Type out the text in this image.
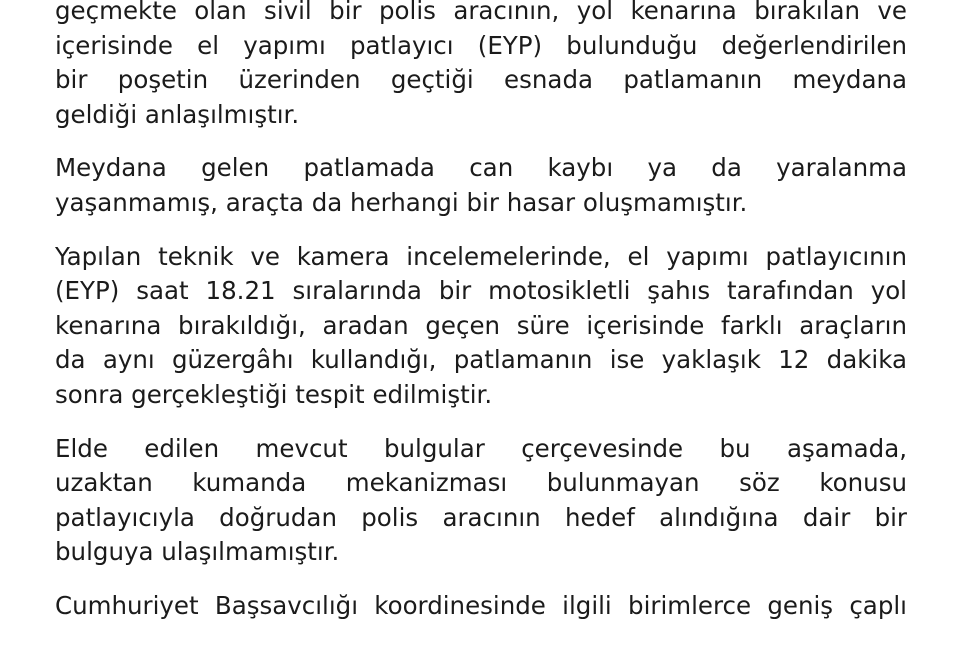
geçmekte olan sivil bir polis aracının, yol kenarına bırakılan ve
içerisinde el yapımı patlayıcı (EYP) bulunduğu değerlendirilen
bir poşetin üzerinden geçtiği esnada patlamanın meydana
geldiği anlaşılmıştır.

Meydana gelen patlamada can kaybı ya da yaralanma
yaşanmamış, araçta da herhangi bir hasar oluşmamıştır.

Yapılan teknik ve kamera incelemelerinde, el yapımı patlayıcının
(EYP) saat 18.21 sıralarında bir motosikletli şahıs tarafından yol
kenarına bırakıldığı, aradan geçen süre içerisinde farklı araçların
da aynı güzergâhı kullandığı, patlamanın ise yaklaşık 12 dakika
sonra gerçekleştiği tespit edilmiştir.

Elde edilen mevcut bulgular çerçevesinde bu aşamada,
uzaktan kumanda mekanizması bulunmayan söz konusu
patlayıcıyla doğrudan polis aracının hedef alındığına dair bir
bulguya ulaşılmamıştır.

Cumhuriyet Başsavcılığı koordinesinde ilgili birimlerce geniş çaplı
